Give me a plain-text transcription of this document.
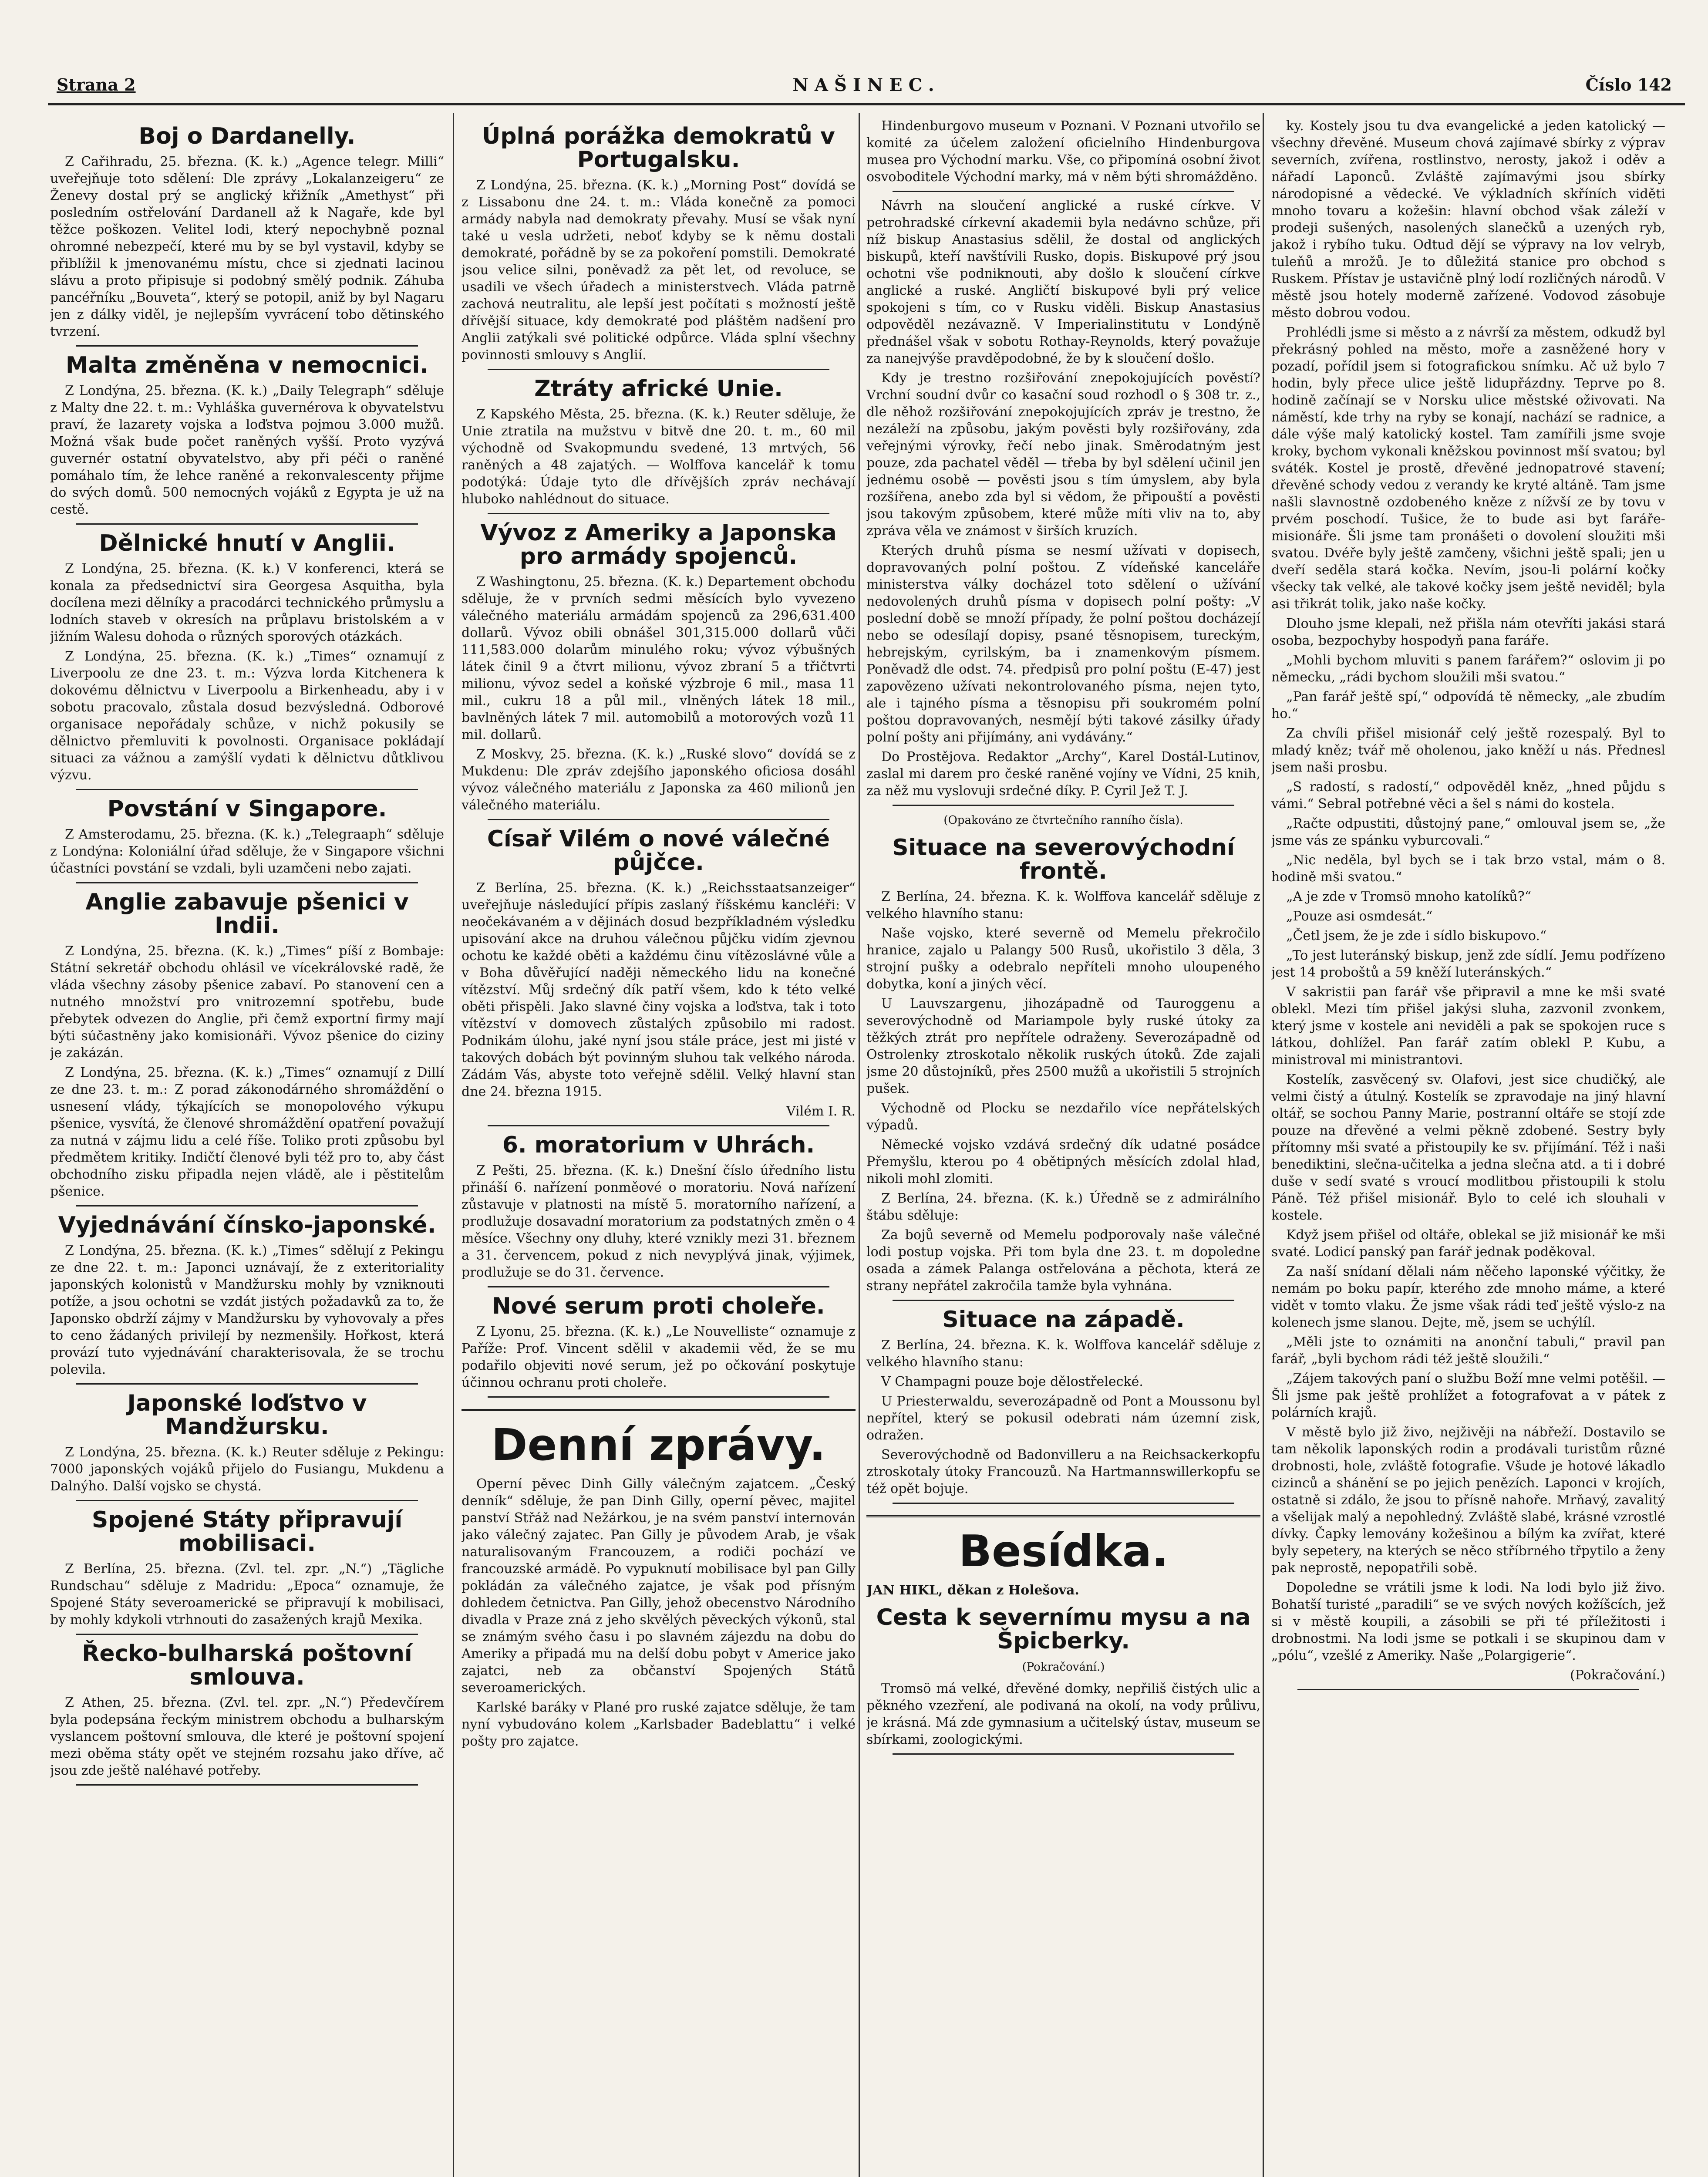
Strana 2	NAŠINEC.	Číslo 142
Boj o Dardanelly.

Z Cařihradu, 25. března. (K. k.) „Agence telegr. Milli“ uveřejňuje toto sdělení: Dle zprávy „Lokalanzeigeru“ ze Ženevy dostal prý se anglický křižník „Amethyst“ při posledním ostřelování Dardanell až k Nagaře, kde byl těžce poškozen. Velitel lodi, který nepochybně poznal ohromné nebezpečí, které mu by se byl vystavil, kdyby se přiblížil k jmenovanému místu, chce si zjednati lacinou slávu a proto připisuje si podobný smělý podnik. Záhuba pancéřníku „Bouveta“, který se potopil, aniž by byl Nagaru jen z dálky viděl, je nejlepším vyvrácení tobo dětinského tvrzení.

Malta změněna v nemocnici.

Z Londýna, 25. března. (K. k.) „Daily Telegraph“ sděluje z Malty dne 22. t. m.: Vyhláška guvernérova k obyvatelstvu praví, že lazarety vojska a loďstva pojmou 3.000 mužů. Možná však bude počet raněných vyšší. Proto vyzývá guvernér ostatní obyvatelstvo, aby při péči o raněné pomáhalo tím, že lehce raněné a rekonvalescenty přijme do svých domů. 500 nemocných vojáků z Egypta je už na cestě.

Dělnické hnutí v Anglii.

Z Londýna, 25. března. (K. k.) V konferenci, která se konala za předsednictví sira Georgesa Asquitha, byla docílena mezi dělníky a pracodárci technického průmyslu a lodních staveb v okresích na průplavu bristolském a v jižním Walesu dohoda o různých sporových otázkách.

Z Londýna, 25. března. (K. k.) „Times“ oznamují z Liverpoolu ze dne 23. t. m.: Výzva lorda Kitchenera k dokovému dělnictvu v Liverpoolu a Birkenheadu, aby i v sobotu pracovalo, zůstala dosud bezvýsledná. Odborové organisace nepořádaly schůze, v nichž pokusily se dělnictvo přemluviti k povolnosti. Organisace pokládají situaci za vážnou a zamýšlí vydati k dělnictvu důtklivou výzvu.

Povstání v Singapore.

Z Amsterodamu, 25. března. (K. k.) „Telegraaph“ sděluje z Londýna: Koloniální úřad sděluje, že v Singapore všichni účastníci povstání se vzdali, byli uzamčeni nebo zajati.

Anglie zabavuje pšenici v Indii.

Z Londýna, 25. března. (K. k.) „Times“ píší z Bombaje: Státní sekretář obchodu ohlásil ve vícekrálovské radě, že vláda všechny zásoby pšenice zabaví. Po stanovení cen a nutného množství pro vnitrozemní spotřebu, bude přebytek odvezen do Anglie, při čemž exportní firmy mají býti súčastněny jako komisionáři. Vývoz pšenice do ciziny je zakázán.

Z Londýna, 25. března. (K. k.) „Times“ oznamují z Dillí ze dne 23. t. m.: Z porad zákonodárného shromáždění o usnesení vlády, týkajících se monopolového výkupu pšenice, vysvítá, že členové shromáždění opatření považují za nutná v zájmu lidu a celé říše. Toliko proti způsobu byl předmětem kritiky. Indičtí členové byli též pro to, aby část obchodního zisku připadla nejen vládě, ale i pěstitelům pšenice.

Vyjednávání čínsko-japonské.

Z Londýna, 25. března. (K. k.) „Times“ sdělují z Pekingu ze dne 22. t. m.: Japonci uznávají, že z exteritoriality japonských kolonistů v Mandžursku mohly by vzniknouti potíže, a jsou ochotni se vzdát jistých požadavků za to, že Japonsko obdrží zájmy v Mandžursku by vyhovovaly a přes to ceno žádaných privilejí by nezmenšily. Hořkost, která provází tuto vyjednávání charakterisovala, že se trochu polevila.

Japonské loďstvo v Mandžursku.

Z Londýna, 25. března. (K. k.) Reuter sděluje z Pekingu: 7000 japonských vojáků přijelo do Fusiangu, Mukdenu a Dalnýho. Další vojsko se chystá.

Spojené Státy připravují mobilisaci.

Z Berlína, 25. března. (Zvl. tel. zpr. „N.“) „Tägliche Rundschau“ sděluje z Madridu: „Epoca“ oznamuje, že Spojené Státy severoamerické se připravují k mobilisaci, by mohly kdykoli vtrhnouti do zasažených krajů Mexika.

Řecko-bulharská poštovní smlouva.

Z Athen, 25. března. (Zvl. tel. zpr. „N.“) Předevčírem byla podepsána řeckým ministrem obchodu a bulharským vyslancem poštovní smlouva, dle které je poštovní spojení mezi oběma státy opět ve stejném rozsahu jako dříve, ač jsou zde ještě naléhavé potřeby.

Úplná porážka demokratů v Portugalsku.

Z Londýna, 25. března. (K. k.) „Morning Post“ dovídá se z Lissabonu dne 24. t. m.: Vláda konečně za pomoci armády nabyla nad demokraty převahy. Musí se však nyní také u vesla udržeti, neboť kdyby se k němu dostali demokraté, pořádně by se za pokoření pomstili. Demokraté jsou velice silni, poněvadž za pět let, od revoluce, se usadili ve všech úřadech a ministerstvech. Vláda patrně zachová neutralitu, ale lepší jest počítati s možností ještě dřívější situace, kdy demokraté pod pláštěm nadšení pro Anglii zatýkali své politické odpůrce. Vláda splní všechny povinnosti smlouvy s Anglií.

Ztráty africké Unie.

Z Kapského Města, 25. března. (K. k.) Reuter sděluje, že Unie ztratila na mužstvu v bitvě dne 20. t. m., 60 mil východně od Svakopmundu svedené, 13 mrtvých, 56 raněných a 48 zajatých. — Wolffova kancelář k tomu podotýká: Údaje tyto dle dřívějších zpráv nechávají hluboko nahlédnout do situace.

Vývoz z Ameriky a Japonska pro armády spojenců.

Z Washingtonu, 25. března. (K. k.) Departement obchodu sděluje, že v prvních sedmi měsících bylo vyvezeno válečného materiálu armádám spojenců za 296,631.400 dollarů. Vývoz obili obnášel 301,315.000 dollarů vůči 111,583.000 dolarům minulého roku; vývoz výbušných látek činil 9 a čtvrt milionu, vývoz zbraní 5 a třičtvrti milionu, vývoz sedel a koňské výzbroje 6 mil., masa 11 mil., cukru 18 a půl mil., vlněných látek 18 mil., bavlněných látek 7 mil. automobilů a motorových vozů 11 mil. dollarů.

Z Moskvy, 25. března. (K. k.) „Ruské slovo“ dovídá se z Mukdenu: Dle zpráv zdejšího japonského oficiosa dosáhl vývoz válečného materiálu z Japonska za 460 milionů jen válečného materiálu.

Císař Vilém o nové válečné půjčce.

Z Berlína, 25. března. (K. k.) „Reichsstaatsanzeiger“ uveřejňuje následující přípis zaslaný říšskému kancléři: V neočekávaném a v dějinách dosud bezpříkladném výsledku upisování akce na druhou válečnou půjčku vidím zjevnou ochotu ke každé oběti a každému činu vítězoslávné vůle a v Boha důvěřující naději německého lidu na konečné vítězství. Můj srdečný dík patří všem, kdo k této velké oběti přispěli. Jako slavné činy vojska a loďstva, tak i toto vítězství v domovech zůstalých způsobilo mi radost. Podnikám úlohu, jaké nyní jsou stále práce, jest mi jisté v takových dobách být povinným sluhou tak velkého národa. Zádám Vás, abyste toto veřejně sdělil. Velký hlavní stan dne 24. března 1915.

Vilém I. R.

6. moratorium v Uhrách.

Z Pešti, 25. března. (K. k.) Dnešní číslo úředního listu přináší 6. nařízení ponměové o moratoriu. Nová nařízení zůstavuje v platnosti na místě 5. moratorního nařízení, a prodlužuje dosavadní moratorium za podstatných změn o 4 měsíce. Všechny ony dluhy, které vznikly mezi 31. březnem a 31. červencem, pokud z nich nevyplývá jinak, výjimek, prodlužuje se do 31. července.

Nové serum proti choleře.

Z Lyonu, 25. března. (K. k.) „Le Nouvelliste“ oznamuje z Paříže: Prof. Vincent sdělil v akademii věd, že se mu podařilo objeviti nové serum, jež po očkování poskytuje účinnou ochranu proti choleře.

Denní zprávy.

Operní pěvec Dinh Gilly válečným zajatcem. „Český denník“ sděluje, že pan Dinh Gilly, operní pěvec, majitel panství Střáž nad Nežárkou, je na svém panství internován jako válečný zajatec. Pan Gilly je původem Arab, je však naturalisovaným Francouzem, a rodiči pochází ve francouzské armádě. Po vypuknutí mobilisace byl pan Gilly pokládán za válečného zajatce, je však pod přísným dohledem četnictva. Pan Gilly, jehož obecenstvo Národního divadla v Praze zná z jeho skvělých pěveckých výkonů, stal se známým svého času i po slavném zájezdu na dobu do Ameriky a připadá mu na delší dobu pobyt v Americe jako zajatci, neb za občanství Spojených Států severoamerických.

Karlské baráky v Plané pro ruské zajatce sděluje, že tam nyní vybudováno kolem „Karlsbader Badeblattu“ i velké pošty pro zajatce.

Hindenburgovo museum v Poznani. V Poznani utvořilo se komité za účelem založení oficielního Hindenburgova musea pro Východní marku. Vše, co připomíná osobní život osvoboditele Východní marky, má v něm býti shromážděno.

Návrh na sloučení anglické a ruské církve. V petrohradské církevní akademii byla nedávno schůze, při níž biskup Anastasius sdělil, že dostal od anglických biskupů, kteří navštívili Rusko, dopis. Biskupové prý jsou ochotni vše podniknouti, aby došlo k sloučení církve anglické a ruské. Angličtí biskupové byli prý velice spokojeni s tím, co v Rusku viděli. Biskup Anastasius odpověděl nezávazně. V Imperialinstitutu v Londýně přednášel však v sobotu Rothay-Reynolds, který považuje za nanejvýše pravděpodobné, že by k sloučení došlo.

Kdy je trestno rozšiřování znepokojujících pověstí? Vrchní soudní dvůr co kasační soud rozhodl o § 308 tr. z., dle něhož rozšiřování znepokojujících zpráv je trestno, že nezáleží na způsobu, jakým pověsti byly rozšiřovány, zda veřejnými výrovky, řečí nebo jinak. Směrodatným jest pouze, zda pachatel věděl — třeba by byl sdělení učinil jen jednému osobě — pověsti jsou s tím úmyslem, aby byla rozšířena, anebo zda byl si vědom, že připouští a pověsti jsou takovým způsobem, které může míti vliv na to, aby zpráva věla ve známost v širších kruzích.

Kterých druhů písma se nesmí užívati v dopisech, dopravovaných polní poštou. Z vídeňské kanceláře ministerstva války docházel toto sdělení o užívání nedovolených druhů písma v dopisech polní pošty: „V poslední době se množí případy, že polní poštou docházejí nebo se odesílají dopisy, psané těsnopisem, tureckým, hebrejským, cyrilským, ba i znamenkovým písmem. Poněvadž dle odst. 74. předpisů pro polní poštu (E-47) jest zapovězeno užívati nekontrolovaného písma, nejen tyto, ale i tajného písma a těsnopisu při soukromém polní poštou dopravovaných, nesmějí býti takové zásilky úřady polní pošty ani přijímány, ani vydávány.“

Do Prostějova. Redaktor „Archy“, Karel Dostál-Lutinov, zaslal mi darem pro české raněné vojíny ve Vídni, 25 knih, za něž mu vyslovuji srdečné díky. P. Cyril Jež T. J.

(Opakováno ze čtvrtečního ranního čísla).

Situace na severovýchodní frontě.

Z Berlína, 24. března. K. k. Wolffova kancelář sděluje z velkého hlavního stanu:

Naše vojsko, které severně od Memelu překročilo hranice, zajalo u Palangy 500 Rusů, ukořistilo 3 děla, 3 strojní pušky a odebralo nepříteli mnoho uloupeného dobytka, koní a jiných věcí.

U Lauvszargenu, jihozápadně od Tauroggenu a severovýchodně od Mariampole byly ruské útoky za těžkých ztrát pro nepřítele odraženy. Severozápadně od Ostrolenky ztroskotalo několik ruských útoků. Zde zajali jsme 20 důstojníků, přes 2500 mužů a ukořistili 5 strojních pušek.

Východně od Plocku se nezdařilo více nepřátelských výpadů.

Německé vojsko vzdává srdečný dík udatné posádce Přemyšlu, kterou po 4 obětipných měsících zdolal hlad, nikoli mohl zlomiti.

Z Berlína, 24. března. (K. k.) Úředně se z admirálního štábu sděluje:

Za bojů severně od Memelu podporovaly naše válečné lodi postup vojska. Při tom byla dne 23. t. m dopoledne osada a zámek Palanga ostřelována a pěchota, která ze strany nepřátel zakročila tamže byla vyhnána.

Situace na západě.

Z Berlína, 24. března. K. k. Wolffova kancelář sděluje z velkého hlavního stanu:

V Champagni pouze boje dělostřelecké.

U Priesterwaldu, severozápadně od Pont a Moussonu byl nepřítel, který se pokusil odebrati nám územní zisk, odražen.

Severovýchodně od Badonvilleru a na Reichsackerkopfu ztroskotaly útoky Francouzů. Na Hartmannswillerkopfu se též opět bojuje.

Besídka.

JAN HIKL, děkan z Holešova.

Cesta k severnímu mysu a na Špicberky.

(Pokračování.)

Tromsö má velké, dřevěné domky, nepřiliš čistých ulic a pěkného vzezření, ale podivaná na okolí, na vody průlivu, je krásná. Má zde gymnasium a učitelský ústav, museum se sbírkami, zoologickými.

ky. Kostely jsou tu dva evangelické a jeden katolický — všechny dřevěné. Museum chová zajímavé sbírky z výprav severních, zvířena, rostlinstvo, nerosty, jakož i oděv a nářadí Laponců. Zvláště zajímavými jsou sbírky národopisné a vědecké. Ve výkladních skříních viděti mnoho tovaru a kožešin: hlavní obchod však záleží v prodeji sušených, nasolených slanečků a uzených ryb, jakož i rybího tuku. Odtud dějí se výpravy na lov velryb, tuleňů a mrožů. Je to důležitá stanice pro obchod s Ruskem. Přístav je ustavičně plný lodí rozličných národů. V městě jsou hotely moderně zařízené. Vodovod zásobuje město dobrou vodou.

Prohlédli jsme si město a z návrší za městem, odkudž byl překrásný pohled na město, moře a zasněžené hory v pozadí, pořídil jsem si fotografickou snímku. Ač už bylo 7 hodin, byly přece ulice ještě lidupřázdny. Teprve po 8. hodině začínají se v Norsku ulice městské oživovati. Na náměstí, kde trhy na ryby se konají, nachází se radnice, a dále výše malý katolický kostel. Tam zamířili jsme svoje kroky, bychom vykonali kněžskou povinnost mší svatou; byl sváték. Kostel je prostě, dřevěné jednopatrové stavení; dřevěné schody vedou z verandy ke kryté altáně. Tam jsme našli slavnostně ozdobeného kněze z nížvší ze by tovu v prvém poschodí. Tušice, že to bude asi byt faráře-misionáře. Šli jsme tam pronášeti o dovolení sloužiti mši svatou. Dvéře byly ještě zamčeny, všichni ještě spali; jen u dveří seděla stará kočka. Nevím, jsou-li polární kočky všecky tak velké, ale takové kočky jsem ještě neviděl; byla asi třikrát tolik, jako naše kočky.

Dlouho jsme klepali, než přišla nám otevříti jakási stará osoba, bezpochyby hospodyň pana faráře.

„Mohli bychom mluviti s panem farářem?“ oslovim ji po německu, „rádi bychom sloužili mši svatou.“

„Pan farář ještě spí,“ odpovídá tě německy, „ale zbudím ho.“

Za chvíli přišel misionář celý ještě rozespalý. Byl to mladý kněz; tvář mě oholenou, jako kněží u nás. Přednesl jsem naši prosbu.

„S radostí, s radostí,“ odpověděl kněz, „hned půjdu s vámi.“ Sebral potřebné věci a šel s námi do kostela.

„Račte odpustiti, důstojný pane,“ omlouval jsem se, „že jsme vás ze spánku vyburcovali.“

„Nic neděla, byl bych se i tak brzo vstal, mám o 8. hodině mši svatou.“

„A je zde v Tromsö mnoho katolíků?“

„Pouze asi osmdesát.“

„Četl jsem, že je zde i sídlo biskupovo.“

„To jest luteránský biskup, jenž zde sídlí. Jemu podřízeno jest 14 proboštů a 59 kněží luteránských.“

V sakristii pan farář vše připravil a mne ke mši svaté oblekl. Mezi tím přišel jakýsi sluha, zazvonil zvonkem, který jsme v kostele ani neviděli a pak se spokojen ruce s látkou, dohlížel. Pan farář zatím oblekl P. Kubu, a ministroval mi ministrantovi.

Kostelík, zasvěcený sv. Olafovi, jest sice chudičký, ale velmi čistý a útulný. Kostelík se zpravodaje na jiný hlavní oltář, se sochou Panny Marie, postranní oltáře se stojí zde pouze na dřevěné a velmi pěkně zdobené. Sestry byly přítomny mši svaté a přistoupily ke sv. přijímání. Též i naši benediktini, slečna-učitelka a jedna slečna atd. a ti i dobré duše v sedí svaté s vroucí modlitbou přistoupili k stolu Páně. Též přišel misionář. Bylo to celé ich slouhali v kostele.

Když jsem přišel od oltáře, oblekal se již misionář ke mši svaté. Lodicí panský pan farář jednak poděkoval.

Za naší snídaní dělali nám něčeho laponské výčitky, že nemám po boku papír, kterého zde mnoho máme, a které vidět v tomto vlaku. Že jsme však rádi teď ještě výslo-z na kolenech jsme slanou. Dejte, mě, jsem se uchýlíl.

„Měli jste to oznámiti na anonční tabuli,“ pravil pan farář, „byli bychom rádi též ještě sloužili.“

„Zájem takových paní o službu Boží mne velmi potěšil. — Šli jsme pak ještě prohlížet a fotografovat a v pátek z polárních krajů.

V městě bylo již živo, nejživěji na nábřeží. Dostavilo se tam několik laponských rodin a prodávali turistům různé drobnosti, hole, zvláště fotografie. Všude je hotové lákadlo cizinců a shánění se po jejich penězích. Laponci v krojích, ostatně si zdálo, že jsou to přísně nahoře. Mrňavý, zavalitý a všelijak malý a nepohledný. Zvláště slabé, krásné vzrostlé dívky. Čapky lemovány kožešinou a bílým ka zvířat, které byly sepetery, na kterých se něco stříbrného třpytilo a ženy pak neprostě, nepopatřili sobě.

Dopoledne se vrátili jsme k lodi. Na lodi bylo již živo. Bohatší turisté „paradili“ se ve svých nových kožíšcích, jež si v městě koupili, a zásobili se při té příležitosti i drobnostmi. Na lodi jsme se potkali i se skupinou dam v „pólu“, vzešlé z Ameriky. Naše „Polargigerie“.

(Pokračování.)
